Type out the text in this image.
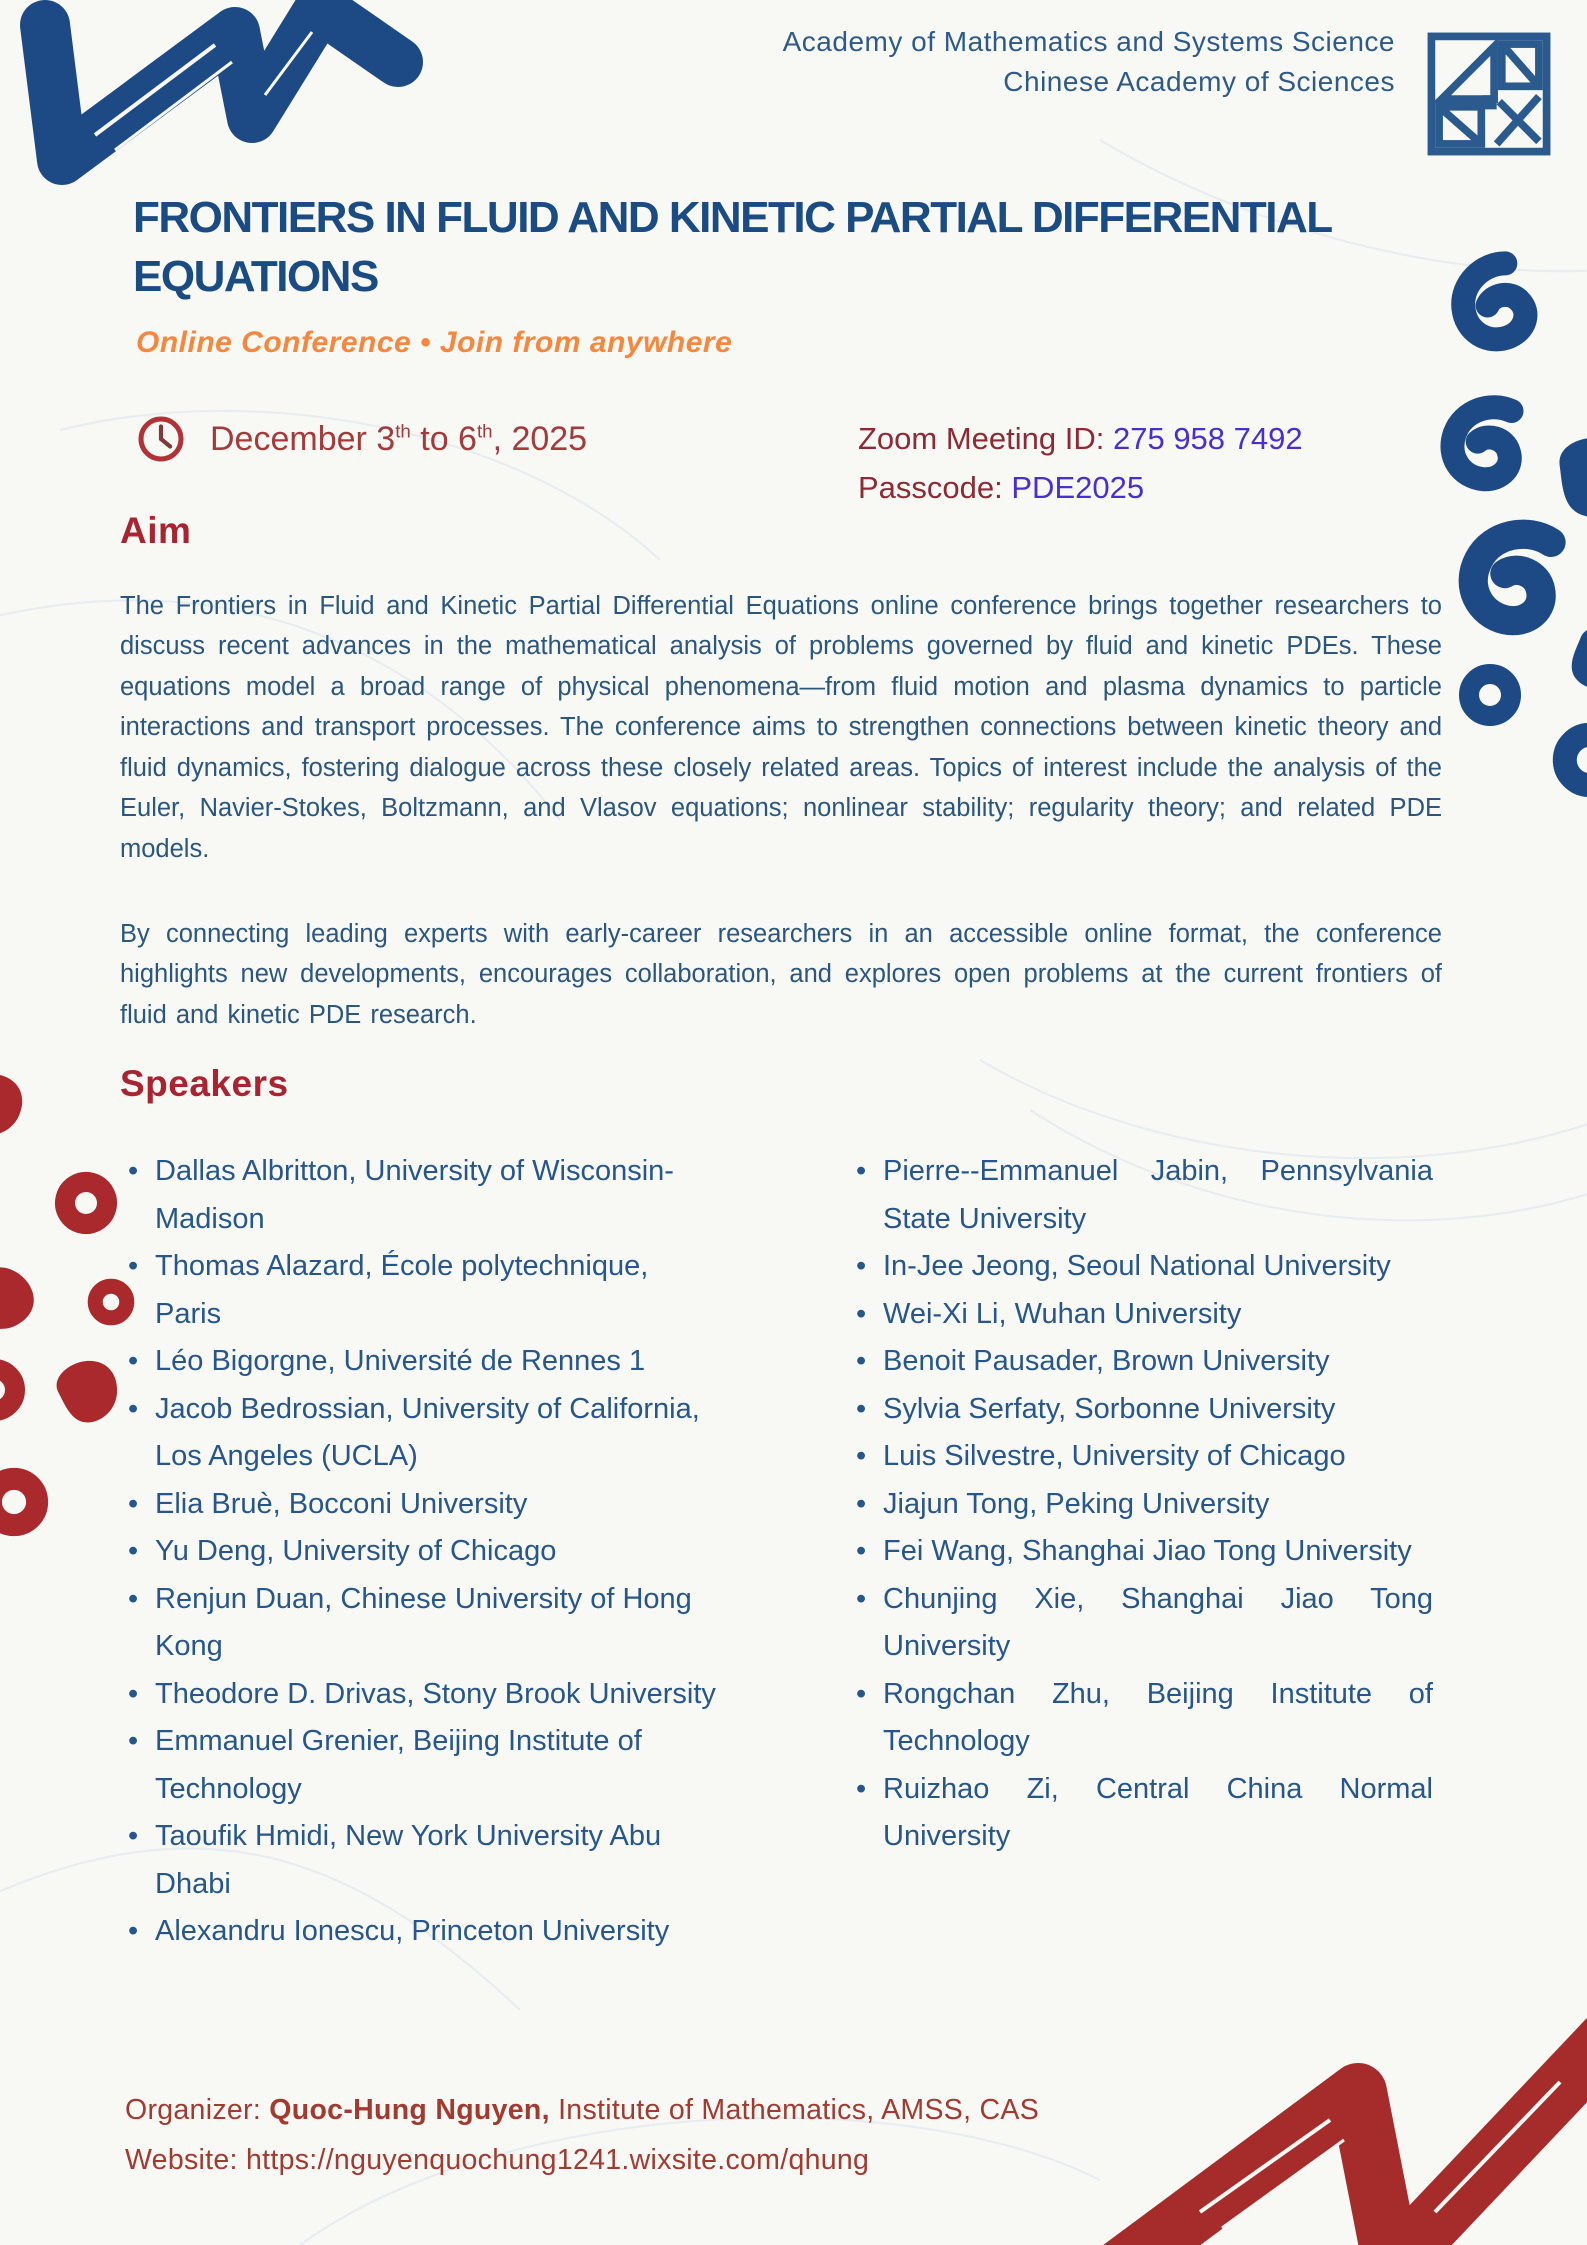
Academy of Mathematics and Systems Science
Chinese Academy of Sciences
FRONTIERS IN FLUID AND KINETIC PARTIAL DIFFERENTIAL
EQUATIONS
Online Conference • Join from anywhere
December 3th to 6th, 2025	Zoom Meeting ID: 275 958 7492
Passcode: PDE2025
Aim

The Frontiers in Fluid and Kinetic Partial Differential Equations online conference brings together researchers to discuss recent advances in the mathematical analysis of problems governed by fluid and kinetic PDEs. These equations model a broad range of physical phenomena—from fluid motion and plasma dynamics to particle interactions and transport processes. The conference aims to strengthen connections between kinetic theory and fluid dynamics, fostering dialogue across these closely related areas. Topics of interest include the analysis of the Euler, Navier-Stokes, Boltzmann, and Vlasov equations; nonlinear stability; regularity theory; and related PDE models.

By connecting leading experts with early-career researchers in an accessible online format, the conference highlights new developments, encourages collaboration, and explores open problems at the current frontiers of fluid and kinetic PDE research.

Speakers
• Dallas Albritton, University of Wisconsin-Madison
• Thomas Alazard, École polytechnique, Paris
• Léo Bigorgne, Université de Rennes 1
• Jacob Bedrossian, University of California, Los Angeles (UCLA)
• Elia Bruè, Bocconi University
• Yu Deng, University of Chicago
• Renjun Duan, Chinese University of Hong Kong
• Theodore D. Drivas, Stony Brook University
• Emmanuel Grenier, Beijing Institute of Technology
• Taoufik Hmidi, New York University Abu Dhabi
• Alexandru Ionescu, Princeton University
• Pierre--Emmanuel Jabin, Pennsylvania State University
• In-Jee Jeong, Seoul National University
• Wei-Xi Li, Wuhan University
• Benoit Pausader, Brown University
• Sylvia Serfaty, Sorbonne University
• Luis Silvestre, University of Chicago
• Jiajun Tong, Peking University
• Fei Wang, Shanghai Jiao Tong University
• Chunjing Xie, Shanghai Jiao Tong University
• Rongchan Zhu, Beijing Institute of Technology
• Ruizhao Zi, Central China Normal University
Organizer: Quoc-Hung Nguyen, Institute of Mathematics, AMSS, CAS
Website: https://nguyenquochung1241.wixsite.com/qhung
